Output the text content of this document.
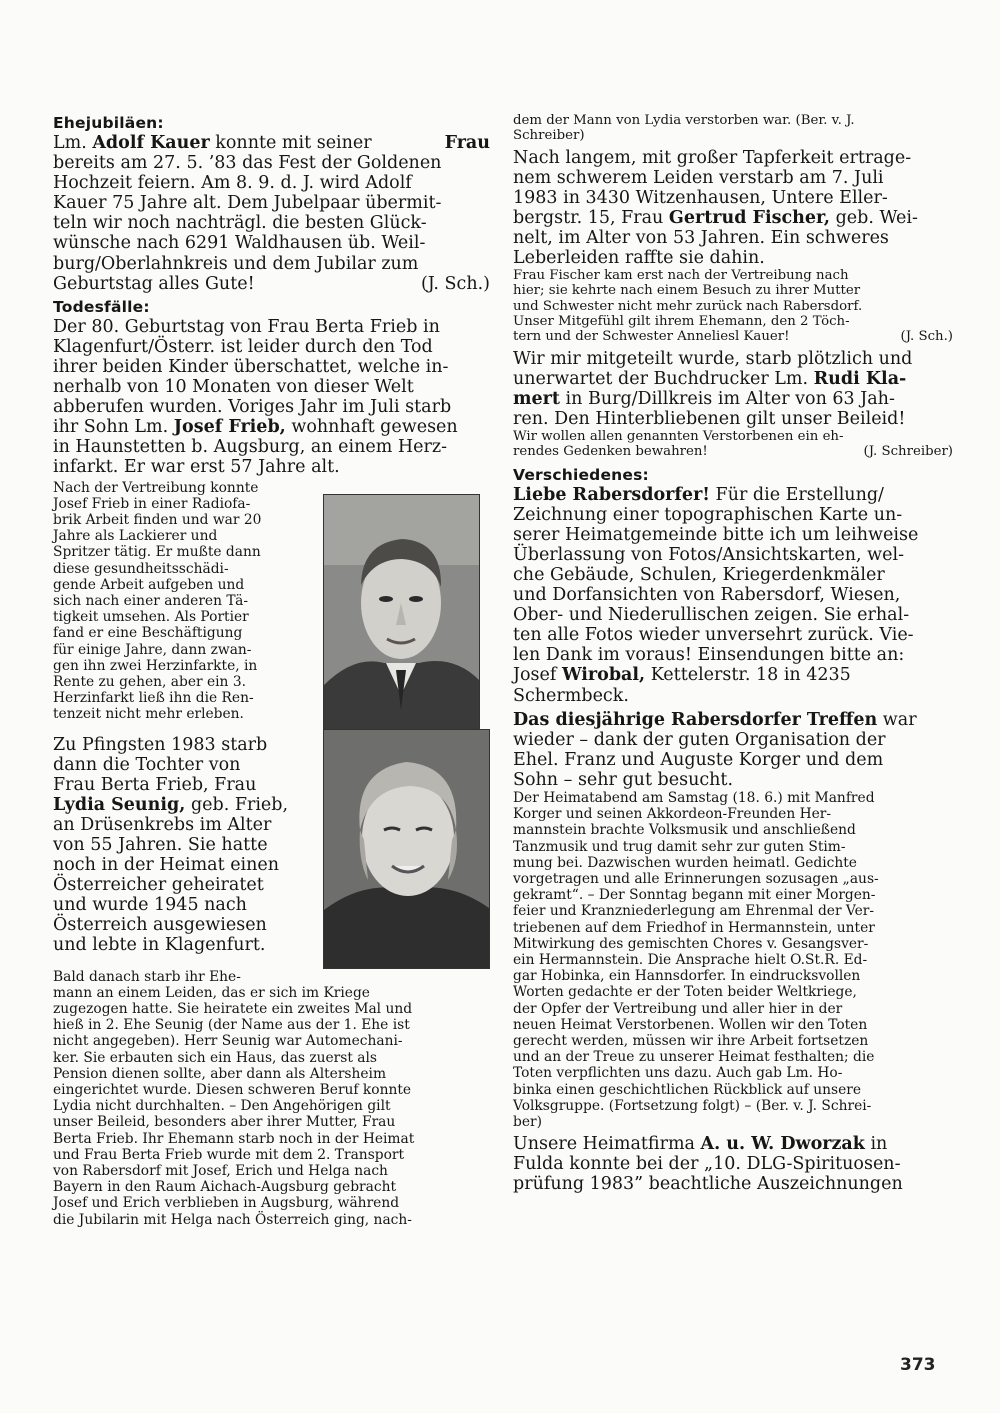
Ehejubiläen:
Lm. Adolf Kauer konnte mit seiner	Frau
bereits am 27. 5. ’83 das Fest der Goldenen
Hochzeit feiern. Am 8. 9. d. J. wird Adolf
Kauer 75 Jahre alt. Dem Jubelpaar übermit-
teln wir noch nachträgl. die besten Glück-
wünsche nach 6291 Waldhausen üb. Weil-
burg/Oberlahnkreis und dem Jubilar zum
Geburtstag alles Gute!	(J. Sch.)
Todesfälle:
Der 80. Geburtstag von Frau Berta Frieb in
Klagenfurt/Österr. ist leider durch den Tod
ihrer beiden Kinder überschattet, welche in-
nerhalb von 10 Monaten von dieser Welt
abberufen wurden. Voriges Jahr im Juli starb
ihr Sohn Lm. Josef Frieb, wohnhaft gewesen
in Haunstetten b. Augsburg, an einem Herz-
infarkt. Er war erst 57 Jahre alt.
Nach der Vertreibung konnte
Josef Frieb in einer Radiofa-
brik Arbeit finden und war 20
Jahre als Lackierer und
Spritzer tätig. Er mußte dann
diese gesundheitsschädi-
gende Arbeit aufgeben und
sich nach einer anderen Tä-
tigkeit umsehen. Als Portier
fand er eine Beschäftigung
für einige Jahre, dann zwan-
gen ihn zwei Herzinfarkte, in
Rente zu gehen, aber ein 3.
Herzinfarkt ließ ihn die Ren-
tenzeit nicht mehr erleben.
Zu Pfingsten 1983 starb
dann die Tochter von
Frau Berta Frieb, Frau
Lydia Seunig, geb. Frieb,
an Drüsenkrebs im Alter
von 55 Jahren. Sie hatte
noch in der Heimat einen
Österreicher geheiratet
und wurde 1945 nach
Österreich ausgewiesen
und lebte in Klagenfurt.
Bald danach starb ihr Ehe-
mann an einem Leiden, das er sich im Kriege
zugezogen hatte. Sie heiratete ein zweites Mal und
hieß in 2. Ehe Seunig (der Name aus der 1. Ehe ist
nicht angegeben). Herr Seunig war Automechani-
ker. Sie erbauten sich ein Haus, das zuerst als
Pension dienen sollte, aber dann als Altersheim
eingerichtet wurde. Diesen schweren Beruf konnte
Lydia nicht durchhalten. – Den Angehörigen gilt
unser Beileid, besonders aber ihrer Mutter, Frau
Berta Frieb. Ihr Ehemann starb noch in der Heimat
und Frau Berta Frieb wurde mit dem 2. Transport
von Rabersdorf mit Josef, Erich und Helga nach
Bayern in den Raum Aichach-Augsburg gebracht
Josef und Erich verblieben in Augsburg, während
die Jubilarin mit Helga nach Österreich ging, nach-
dem der Mann von Lydia verstorben war. (Ber. v. J.
Schreiber)
Nach langem, mit großer Tapferkeit ertrage-
nem schwerem Leiden verstarb am 7. Juli
1983 in 3430 Witzenhausen, Untere Eller-
bergstr. 15, Frau Gertrud Fischer, geb. Wei-
nelt, im Alter von 53 Jahren. Ein schweres
Leberleiden raffte sie dahin.
Frau Fischer kam erst nach der Vertreibung nach
hier; sie kehrte nach einem Besuch zu ihrer Mutter
und Schwester nicht mehr zurück nach Rabersdorf.
Unser Mitgefühl gilt ihrem Ehemann, den 2 Töch-
tern und der Schwester Anneliesl Kauer!	(J. Sch.)
Wir mir mitgeteilt wurde, starb plötzlich und
unerwartet der Buchdrucker Lm. Rudi Kla-
mert in Burg/Dillkreis im Alter von 63 Jah-
ren. Den Hinterbliebenen gilt unser Beileid!
Wir wollen allen genannten Verstorbenen ein eh-
rendes Gedenken bewahren!	(J. Schreiber)
Verschiedenes:
Liebe Rabersdorfer! Für die Erstellung/
Zeichnung einer topographischen Karte un-
serer Heimatgemeinde bitte ich um leihweise
Überlassung von Fotos/Ansichtskarten, wel-
che Gebäude, Schulen, Kriegerdenkmäler
und Dorfansichten von Rabersdorf, Wiesen,
Ober- und Niederullischen zeigen. Sie erhal-
ten alle Fotos wieder unversehrt zurück. Vie-
len Dank im voraus! Einsendungen bitte an:
Josef Wirobal, Kettelerstr. 18 in 4235
Schermbeck.
Das diesjährige Rabersdorfer Treffen war
wieder – dank der guten Organisation der
Ehel. Franz und Auguste Korger und dem
Sohn – sehr gut besucht.
Der Heimatabend am Samstag (18. 6.) mit Manfred
Korger und seinen Akkordeon-Freunden Her-
mannstein brachte Volksmusik und anschließend
Tanzmusik und trug damit sehr zur guten Stim-
mung bei. Dazwischen wurden heimatl. Gedichte
vorgetragen und alle Erinnerungen sozusagen „aus-
gekramt“. – Der Sonntag begann mit einer Morgen-
feier und Kranzniederlegung am Ehrenmal der Ver-
triebenen auf dem Friedhof in Hermannstein, unter
Mitwirkung des gemischten Chores v. Gesangsver-
ein Hermannstein. Die Ansprache hielt O.St.R. Ed-
gar Hobinka, ein Hannsdorfer. In eindrucksvollen
Worten gedachte er der Toten beider Weltkriege,
der Opfer der Vertreibung und aller hier in der
neuen Heimat Verstorbenen. Wollen wir den Toten
gerecht werden, müssen wir ihre Arbeit fortsetzen
und an der Treue zu unserer Heimat festhalten; die
Toten verpflichten uns dazu. Auch gab Lm. Ho-
binka einen geschichtlichen Rückblick auf unsere
Volksgruppe. (Fortsetzung folgt) – (Ber. v. J. Schrei-
ber)
Unsere Heimatfirma A. u. W. Dworzak in
Fulda konnte bei der „10. DLG-Spirituosen-
prüfung 1983” beachtliche Auszeichnungen
373
